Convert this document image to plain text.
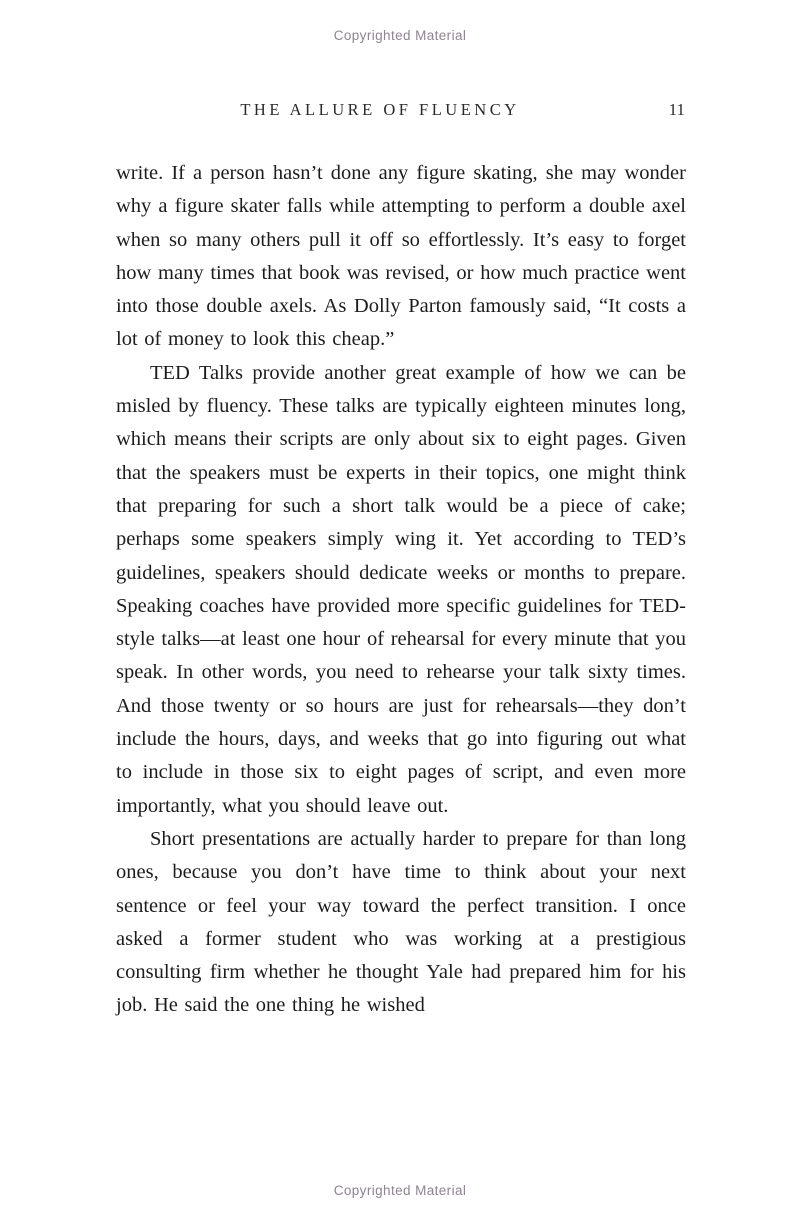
Copyrighted Material
THE ALLURE OF FLUENCY	11

write. If a person hasn’t done any figure skating, she may wonder why a figure skater falls while attempting to perform a double axel when so many others pull it off so effortlessly. It’s easy to forget how many times that book was revised, or how much practice went into those double axels. As Dolly Parton famously said, “It costs a lot of money to look this cheap.”

TED Talks provide another great example of how we can be misled by fluency. These talks are typically eighteen minutes long, which means their scripts are only about six to eight pages. Given that the speakers must be experts in their topics, one might think that preparing for such a short talk would be a piece of cake; perhaps some speakers simply wing it. Yet according to TED’s guidelines, speakers should dedicate weeks or months to prepare. Speaking coaches have provided more specific guidelines for TED-style talks—at least one hour of rehearsal for every minute that you speak. In other words, you need to rehearse your talk sixty times. And those twenty or so hours are just for rehearsals—they don’t include the hours, days, and weeks that go into figuring out what to include in those six to eight pages of script, and even more importantly, what you should leave out.

Short presentations are actually harder to prepare for than long ones, because you don’t have time to think about your next sentence or feel your way toward the perfect transition. I once asked a former student who was working at a prestigious consulting firm whether he thought Yale had prepared him for his job. He said the one thing he wished

Copyrighted Material
